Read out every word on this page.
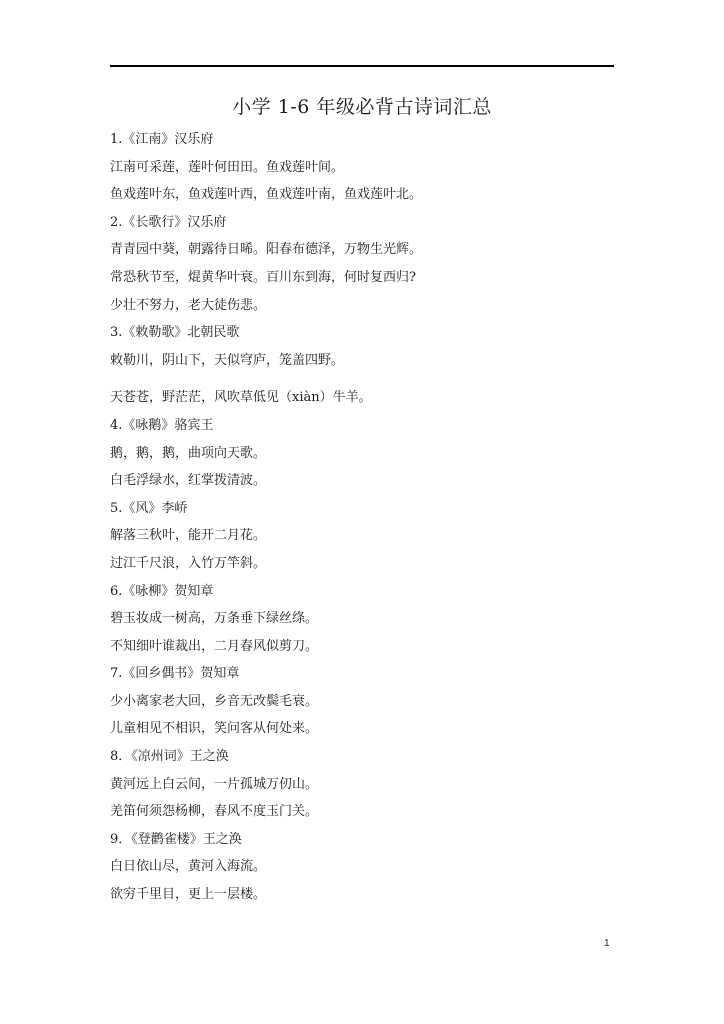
小学 1-6 年级必背古诗词汇总
1.《江南》汉乐府
江南可采莲，莲叶何田田。鱼戏莲叶间。
鱼戏莲叶东，鱼戏莲叶西，鱼戏莲叶南，鱼戏莲叶北。
2.《长歌行》汉乐府
青青园中葵，朝露待日晞。阳春布德泽，万物生光辉。
常恐秋节至，焜黄华叶衰。百川东到海，何时复西归?
少壮不努力，老大徒伤悲。
3.《敕勒歌》北朝民歌
敕勒川，阴山下，天似穹庐，笼盖四野。
天苍苍，野茫茫，风吹草低见（xiàn）牛羊。
4.《咏鹅》骆宾王
鹅，鹅，鹅，曲项向天歌。
白毛浮绿水，红掌拨清波。
5.《风》李峤
解落三秋叶，能开二月花。
过江千尺浪，入竹万竿斜。
6.《咏柳》贺知章
碧玉妆成一树高，万条垂下绿丝绦。
不知细叶谁裁出，二月春风似剪刀。
7.《回乡偶书》贺知章
少小离家老大回，乡音无改鬓毛衰。
儿童相见不相识，笑问客从何处来。
8．《凉州词》王之涣
黄河远上白云间，一片孤城万仞山。
羌笛何须怨杨柳，春风不度玉门关。
9．《登鹳雀楼》王之涣
白日依山尽，黄河入海流。
欲穷千里目，更上一层楼。
1
